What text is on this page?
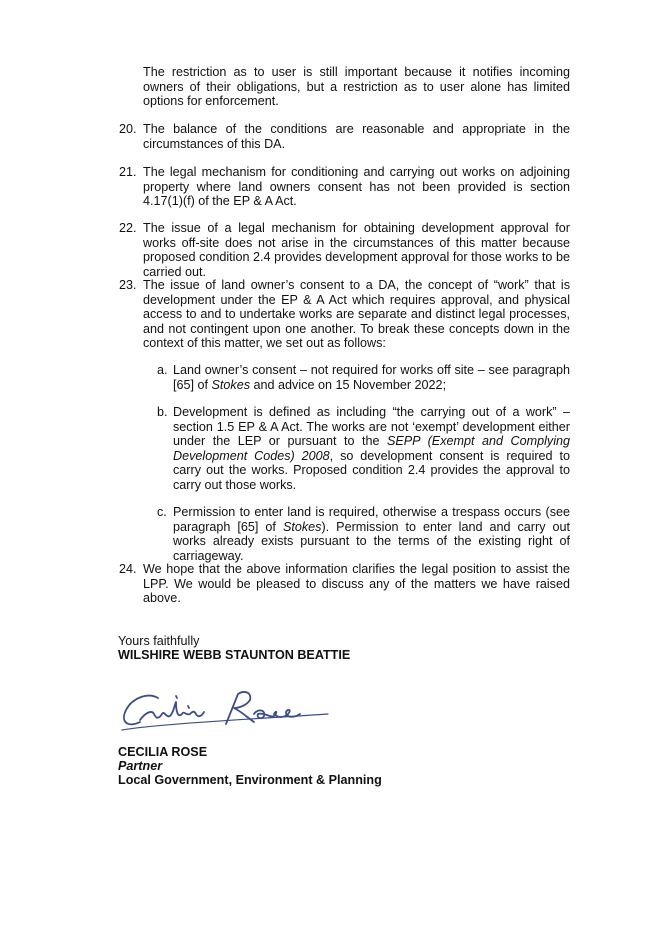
The restriction as to user is still important because it notifies incoming owners of their obligations, but a restriction as to user alone has limited options for enforcement.

20. The balance of the conditions are reasonable and appropriate in the circumstances of this DA.

21. The legal mechanism for conditioning and carrying out works on adjoining property where land owners consent has not been provided is section 4.17(1)(f) of the EP & A Act.

22. The issue of a legal mechanism for obtaining development approval for works off-site does not arise in the circumstances of this matter because proposed condition 2.4 provides development approval for those works to be carried out.

23. The issue of land owner’s consent to a DA, the concept of “work” that is development under the EP & A Act which requires approval, and physical access to and to undertake works are separate and distinct legal processes, and not contingent upon one another. To break these concepts down in the context of this matter, we set out as follows:

a. Land owner’s consent – not required for works off site – see paragraph [65] of Stokes and advice on 15 November 2022;

b. Development is defined as including “the carrying out of a work” – section 1.5 EP & A Act. The works are not ‘exempt’ development either under the LEP or pursuant to the SEPP (Exempt and Complying Development Codes) 2008, so development consent is required to carry out the works. Proposed condition 2.4 provides the approval to carry out those works.

c. Permission to enter land is required, otherwise a trespass occurs (see paragraph [65] of Stokes). Permission to enter land and carry out works already exists pursuant to the terms of the existing right of carriageway.

24. We hope that the above information clarifies the legal position to assist the LPP. We would be pleased to discuss any of the matters we have raised above.

Yours faithfully

WILSHIRE WEBB STAUNTON BEATTIE

CECILIA ROSE

Partner

Local Government, Environment & Planning
